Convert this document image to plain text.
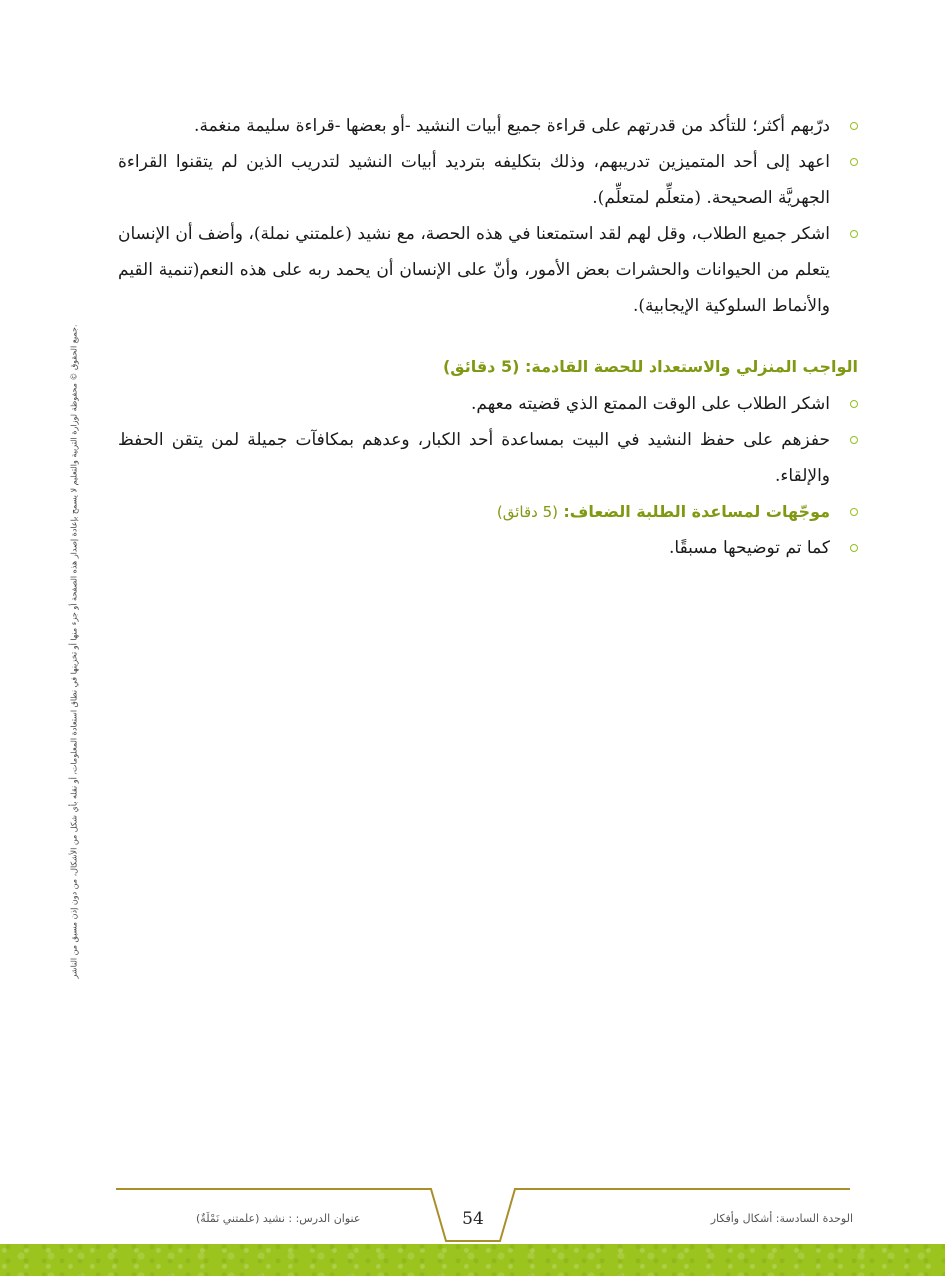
جميع الحقوق © محفوظة لوزارة التربية والتعليم لا يسمح بإعادة إصدار هذه الصفحة أو جزء منها أو تخزينها في نطاق استعادة المعلومات، أو نقله بأي شكل من الأشكال، من دون إذن مسبق من الناشر.
درّبهم أكثر؛ للتأكد من قدرتهم على قراءة جميع أبيات النشيد -أو بعضها -قراءة سليمة منغمة.
اعهد إلى أحد المتميزين تدريبهم، وذلك بتكليفه بترديد أبيات النشيد لتدريب الذين لم يتقنوا القراءة الجهريَّة الصحيحة. (متعلِّم لمتعلِّم).
اشكر جميع الطلاب، وقل لهم لقد استمتعنا في هذه الحصة، مع نشيد (علمتني نملة)، وأضف أن الإنسان يتعلم من الحيوانات والحشرات بعض الأمور، وأنّ على الإنسان أن يحمد ربه على هذه النعم(تنمية القيم والأنماط السلوكية الإيجابية).
الواجب المنزلي والاستعداد للحصة القادمة: (5 دقائق)
اشكر الطلاب على الوقت الممتع الذي قضيته معهم.
حفزهم على حفظ النشيد في البيت بمساعدة أحد الكبار، وعدهم بمكافآت جميلة لمن يتقن الحفظ والإلقاء.
موجّهات لمساعدة الطلبة الضعاف: (5 دقائق)
كما تم توضيحها مسبقًا.
عنوان الدرس: : نشيد (علمتني نَمْلَةٌ)	54	الوحدة السادسة: أشكال وأفكار
